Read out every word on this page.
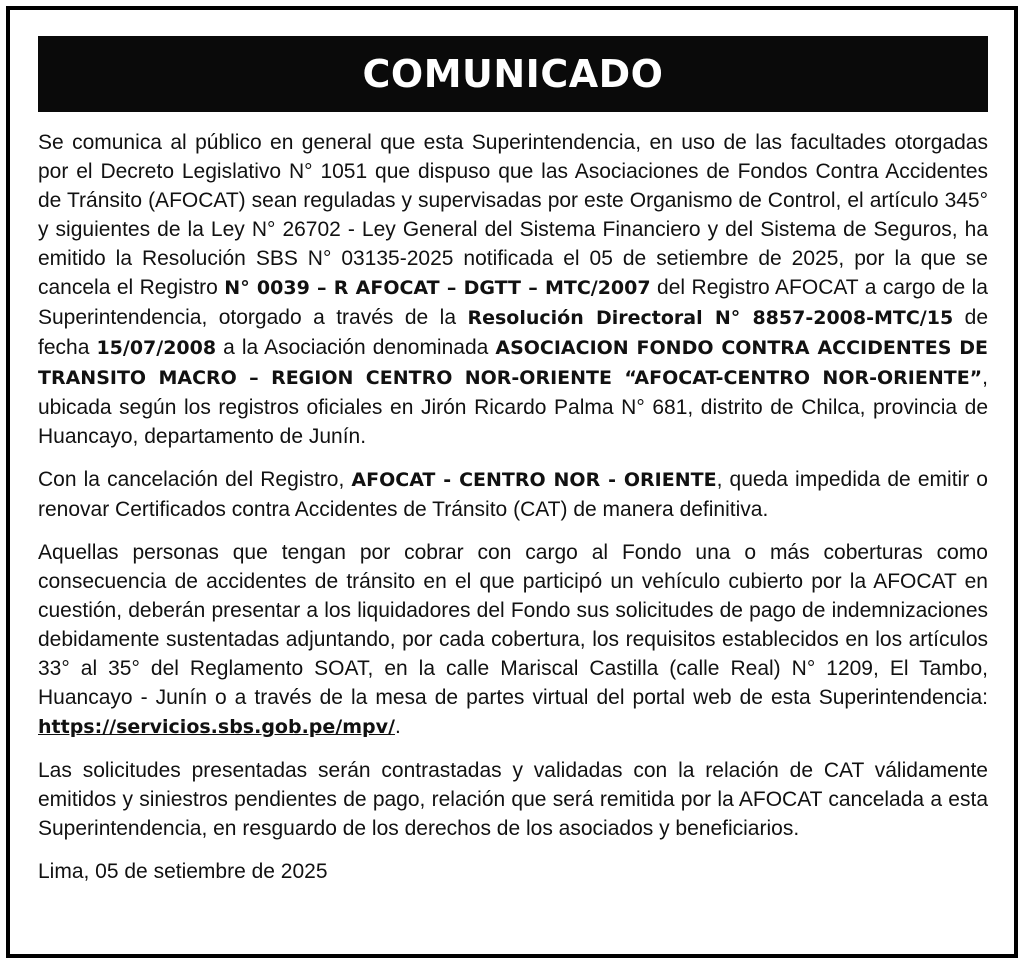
COMUNICADO

Se comunica al público en general que esta Superintendencia, en uso de las facultades otorgadas por el Decreto Legislativo N° 1051 que dispuso que las Asociaciones de Fondos Contra Accidentes de Tránsito (AFOCAT) sean reguladas y supervisadas por este Organismo de Control, el artículo 345° y siguientes de la Ley N° 26702 - Ley General del Sistema Financiero y del Sistema de Seguros, ha emitido la Resolución SBS N° 03135-2025 notificada el 05 de setiembre de 2025, por la que se cancela el Registro N° 0039 – R AFOCAT – DGTT – MTC/2007 del Registro AFOCAT a cargo de la Superintendencia, otorgado a través de la Resolución Directoral N° 8857-2008-MTC/15 de fecha 15/07/2008 a la Asociación denominada ASOCIACION FONDO CONTRA ACCIDENTES DE TRANSITO MACRO – REGION CENTRO NOR-ORIENTE “AFOCAT-CENTRO NOR-ORIENTE”, ubicada según los registros oficiales en Jirón Ricardo Palma N° 681, distrito de Chilca, provincia de Huancayo, departamento de Junín.

Con la cancelación del Registro, AFOCAT - CENTRO NOR - ORIENTE, queda impedida de emitir o renovar Certificados contra Accidentes de Tránsito (CAT) de manera definitiva.

Aquellas personas que tengan por cobrar con cargo al Fondo una o más coberturas como consecuencia de accidentes de tránsito en el que participó un vehículo cubierto por la AFOCAT en cuestión, deberán presentar a los liquidadores del Fondo sus solicitudes de pago de indemnizaciones debidamente sustentadas adjuntando, por cada cobertura, los requisitos establecidos en los artículos 33° al 35° del Reglamento SOAT, en la calle Mariscal Castilla (calle Real) N° 1209, El Tambo, Huancayo - Junín o a través de la mesa de partes virtual del portal web de esta Superintendencia: https://servicios.sbs.gob.pe/mpv/.

Las solicitudes presentadas serán contrastadas y validadas con la relación de CAT válidamente emitidos y siniestros pendientes de pago, relación que será remitida por la AFOCAT cancelada a esta Superintendencia, en resguardo de los derechos de los asociados y beneficiarios.

Lima, 05 de setiembre de 2025
